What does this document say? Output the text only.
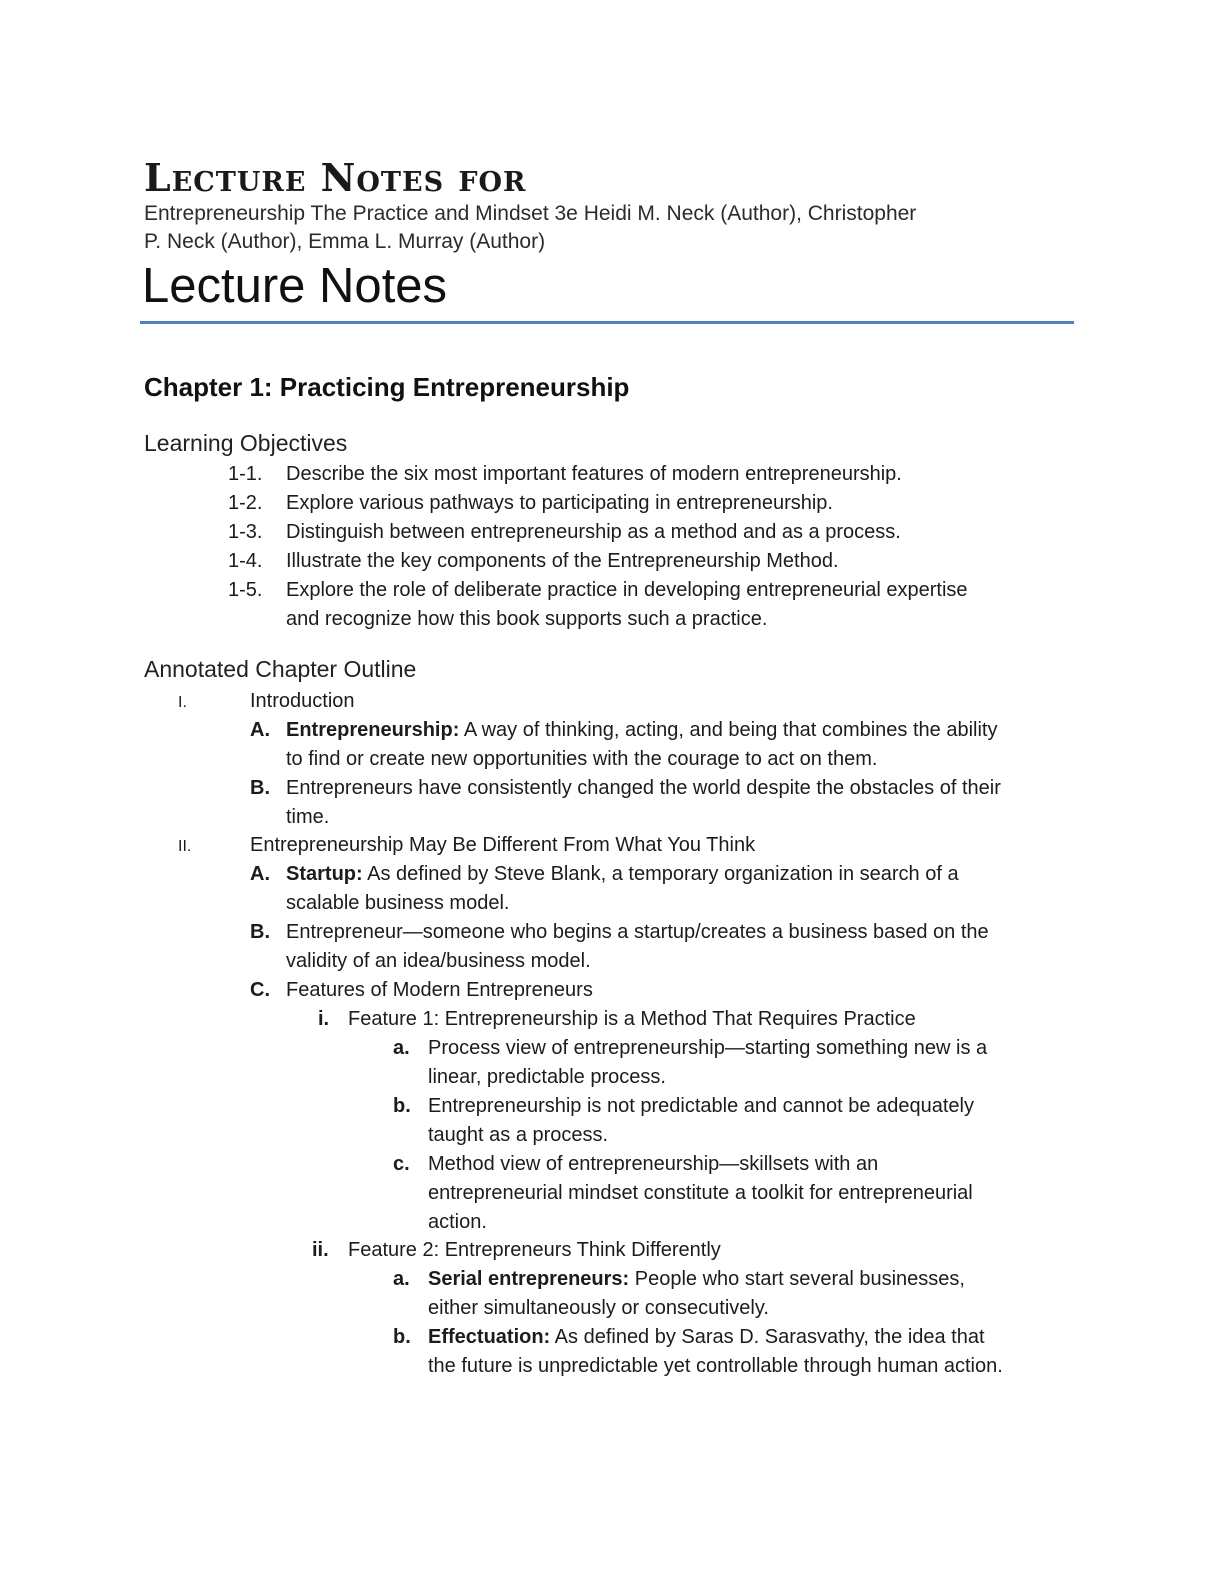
Lecture Notes for
Entrepreneurship The Practice and Mindset 3e Heidi M. Neck (Author), Christopher
P. Neck (Author), Emma L. Murray (Author)
Lecture Notes
Chapter 1: Practicing Entrepreneurship
Learning Objectives
1-1. Describe the six most important features of modern entrepreneurship.
1-2. Explore various pathways to participating in entrepreneurship.
1-3. Distinguish between entrepreneurship as a method and as a process.
1-4. Illustrate the key components of the Entrepreneurship Method.
1-5. Explore the role of deliberate practice in developing entrepreneurial expertise
and recognize how this book supports such a practice.
Annotated Chapter Outline
I.	Introduction
A. Entrepreneurship: A way of thinking, acting, and being that combines the ability
to find or create new opportunities with the courage to act on them.
B. Entrepreneurs have consistently changed the world despite the obstacles of their
time.
II.	Entrepreneurship May Be Different From What You Think
A. Startup: As defined by Steve Blank, a temporary organization in search of a
scalable business model.
B. Entrepreneur—someone who begins a startup/creates a business based on the
validity of an idea/business model.
C. Features of Modern Entrepreneurs
i. Feature 1: Entrepreneurship is a Method That Requires Practice
a. Process view of entrepreneurship—starting something new is a
linear, predictable process.
b. Entrepreneurship is not predictable and cannot be adequately
taught as a process.
c. Method view of entrepreneurship—skillsets with an
entrepreneurial mindset constitute a toolkit for entrepreneurial
action.
ii. Feature 2: Entrepreneurs Think Differently
a. Serial entrepreneurs: People who start several businesses,
either simultaneously or consecutively.
b. Effectuation: As defined by Saras D. Sarasvathy, the idea that
the future is unpredictable yet controllable through human action.
